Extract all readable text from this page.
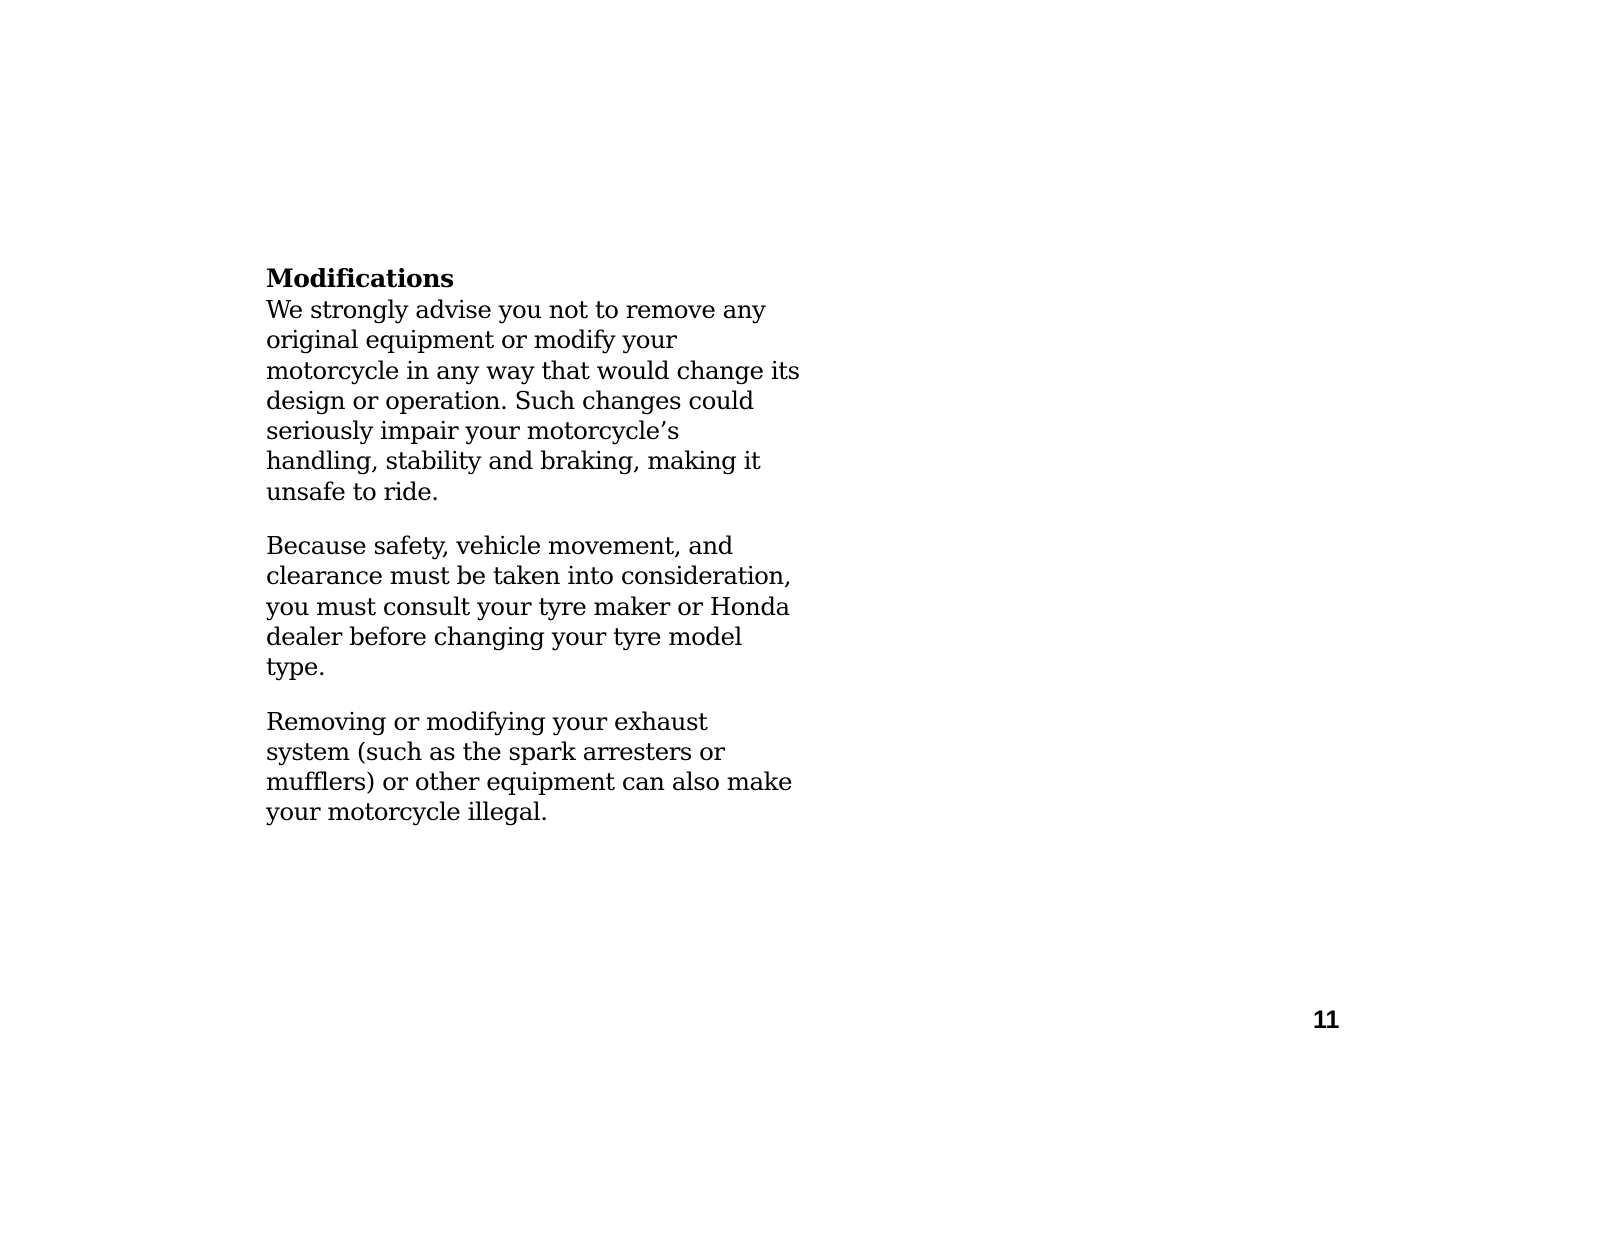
Modifications

We strongly advise you not to remove any
original equipment or modify your
motorcycle in any way that would change its
design or operation. Such changes could
seriously impair your motorcycle’s
handling, stability and braking, making it
unsafe to ride.

Because safety, vehicle movement, and
clearance must be taken into consideration,
you must consult your tyre maker or Honda
dealer before changing your tyre model
type.

Removing or modifying your exhaust
system (such as the spark arresters or
mufflers) or other equipment can also make
your motorcycle illegal.

11
